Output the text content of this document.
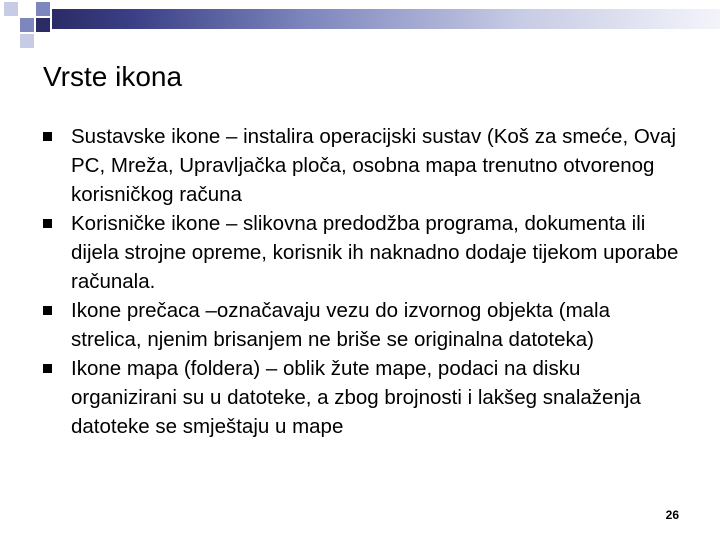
Vrste ikona
Sustavske ikone – instalira operacijski sustav (Koš za smeće, Ovaj PC, Mreža, Upravljačka ploča, osobna mapa trenutno otvorenog korisničkog računa
Korisničke ikone – slikovna predodžba programa, dokumenta ili dijela strojne opreme, korisnik ih naknadno dodaje tijekom uporabe računala.
Ikone prečaca –označavaju vezu do izvornog objekta (mala strelica, njenim brisanjem ne briše se originalna datoteka)
Ikone mapa (foldera) – oblik žute mape, podaci na disku organizirani su u datoteke, a zbog brojnosti i lakšeg snalaženja datoteke se smještaju u mape
26
